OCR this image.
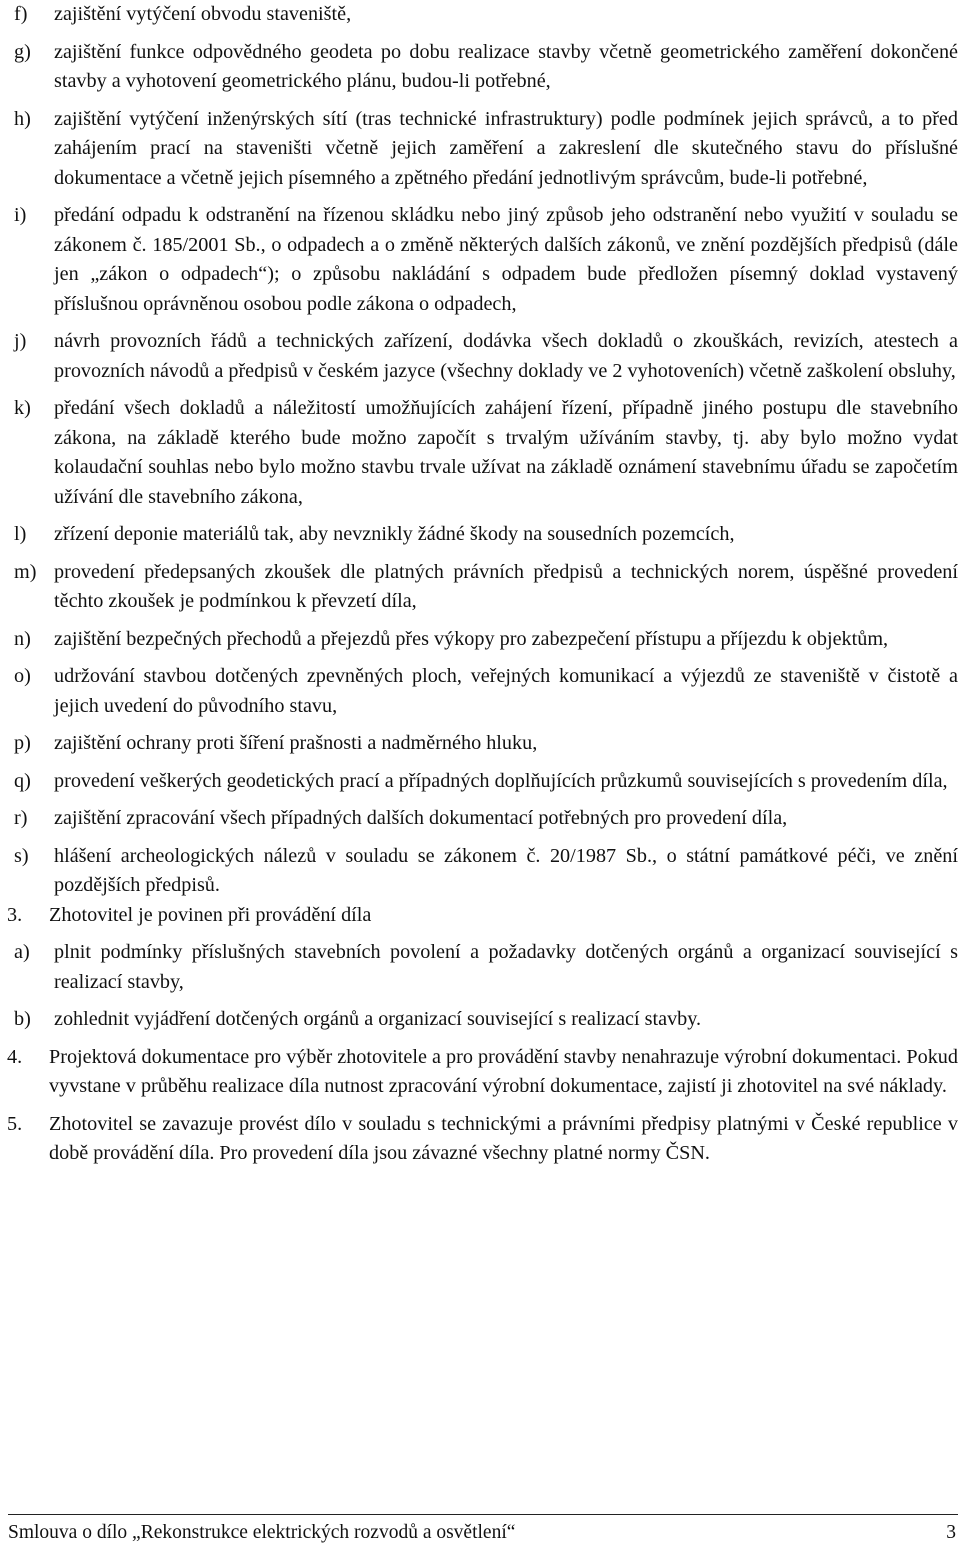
f)	zajištění vytýčení obvodu staveniště,
g)	zajištění funkce odpovědného geodeta po dobu realizace stavby včetně geometrického zaměření dokončené stavby a vyhotovení geometrického plánu, budou-li potřebné,
h)	zajištění vytýčení inženýrských sítí (tras technické infrastruktury) podle podmínek jejich správců, a to před zahájením prací na staveništi včetně jejich zaměření a zakreslení dle skutečného stavu do příslušné dokumentace a včetně jejich písemného a zpětného předání jednotlivým správcům, bude-li potřebné,
i)	předání odpadu k odstranění na řízenou skládku nebo jiný způsob jeho odstranění nebo využití v souladu se zákonem č. 185/2001 Sb., o odpadech a o změně některých dalších zákonů, ve znění pozdějších předpisů (dále jen „zákon o odpadech“); o způsobu nakládání s odpadem bude předložen písemný doklad vystavený příslušnou oprávněnou osobou podle zákona o odpadech,
j)	návrh provozních řádů a technických zařízení, dodávka všech dokladů o zkouškách, revizích, atestech a provozních návodů a předpisů v českém jazyce (všechny doklady ve 2 vyhotoveních) včetně zaškolení obsluhy,
k)	předání všech dokladů a náležitostí umožňujících zahájení řízení, případně jiného postupu dle stavebního zákona, na základě kterého bude možno započít s trvalým užíváním stavby, tj. aby bylo možno vydat kolaudační souhlas nebo bylo možno stavbu trvale užívat na základě oznámení stavebnímu úřadu se započetím užívání dle stavebního zákona,
l)	zřízení deponie materiálů tak, aby nevznikly žádné škody na sousedních pozemcích,
m) provedení předepsaných zkoušek dle platných právních předpisů a technických norem, úspěšné provedení těchto zkoušek je podmínkou k převzetí díla,
n)	zajištění bezpečných přechodů a přejezdů přes výkopy pro zabezpečení přístupu a příjezdu k objektům,
o)	udržování stavbou dotčených zpevněných ploch, veřejných komunikací a výjezdů ze staveniště v čistotě a jejich uvedení do původního stavu,
p)	zajištění ochrany proti šíření prašnosti a nadměrného hluku,
q)	provedení veškerých geodetických prací a případných doplňujících průzkumů souvisejících s provedením díla,
r)	zajištění zpracování všech případných dalších dokumentací potřebných pro provedení díla,
s)	hlášení archeologických nálezů v souladu se zákonem č. 20/1987 Sb., o státní památkové péči, ve znění pozdějších předpisů.
3.	Zhotovitel je povinen při provádění díla
a)	plnit podmínky příslušných stavebních povolení a požadavky dotčených orgánů a organizací související s realizací stavby,
b)	zohlednit vyjádření dotčených orgánů a organizací související s realizací stavby.
4.	Projektová dokumentace pro výběr zhotovitele a pro provádění stavby nenahrazuje výrobní dokumentaci. Pokud vyvstane v průběhu realizace díla nutnost zpracování výrobní dokumentace, zajistí ji zhotovitel na své náklady.
5.	Zhotovitel se zavazuje provést dílo v souladu s technickými a právními předpisy platnými v České republice v době provádění díla. Pro provedení díla jsou závazné všechny platné normy ČSN.
Smlouva o dílo „Rekonstrukce elektrických rozvodů a osvětlení“	3
